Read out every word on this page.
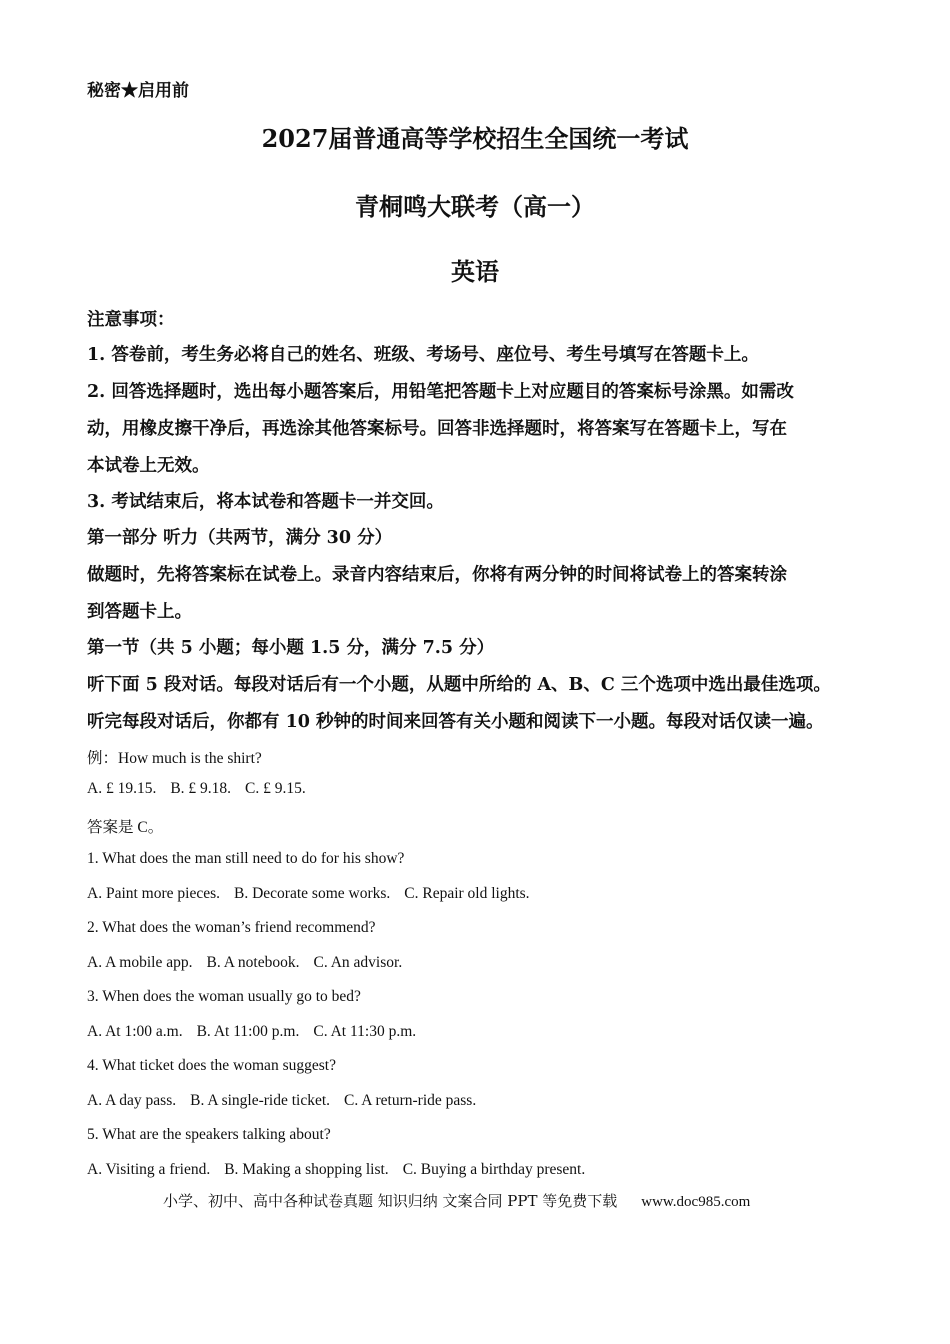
秘密★启用前
2027届普通高等学校招生全国统一考试
青桐鸣大联考（高一）
英语
注意事项：
1. 答卷前，考生务必将自己的姓名、班级、考场号、座位号、考生号填写在答题卡上。
2. 回答选择题时，选出每小题答案后，用铅笔把答题卡上对应题目的答案标号涂黑。如需改
动，用橡皮擦干净后，再选涂其他答案标号。回答非选择题时，将答案写在答题卡上，写在
本试卷上无效。
3. 考试结束后，将本试卷和答题卡一并交回。
第一部分 听力（共两节，满分 30 分）
做题时，先将答案标在试卷上。录音内容结束后，你将有两分钟的时间将试卷上的答案转涂
到答题卡上。
第一节（共 5 小题；每小题 1.5 分，满分 7.5 分）
听下面 5 段对话。每段对话后有一个小题，从题中所给的 A、B、C 三个选项中选出最佳选项。
听完每段对话后，你都有 10 秒钟的时间来回答有关小题和阅读下一小题。每段对话仅读一遍。
例：How much is the shirt?
A. £ 19.15. B. £ 9.18. C. £ 9.15.
答案是 C。
1. What does the man still need to do for his show?
A. Paint more pieces. B. Decorate some works. C. Repair old lights.
2. What does the woman’s friend recommend?
A. A mobile app. B. A notebook. C. An advisor.
3. When does the woman usually go to bed?
A. At 1:00 a.m. B. At 11:00 p.m. C. At 11:30 p.m.
4. What ticket does the woman suggest?
A. A day pass. B. A single-ride ticket. C. A return-ride pass.
5. What are the speakers talking about?
A. Visiting a friend. B. Making a shopping list. C. Buying a birthday present.
小学、初中、高中各种试卷真题 知识归纳 文案合同 PPT 等免费下载 www.doc985.com
